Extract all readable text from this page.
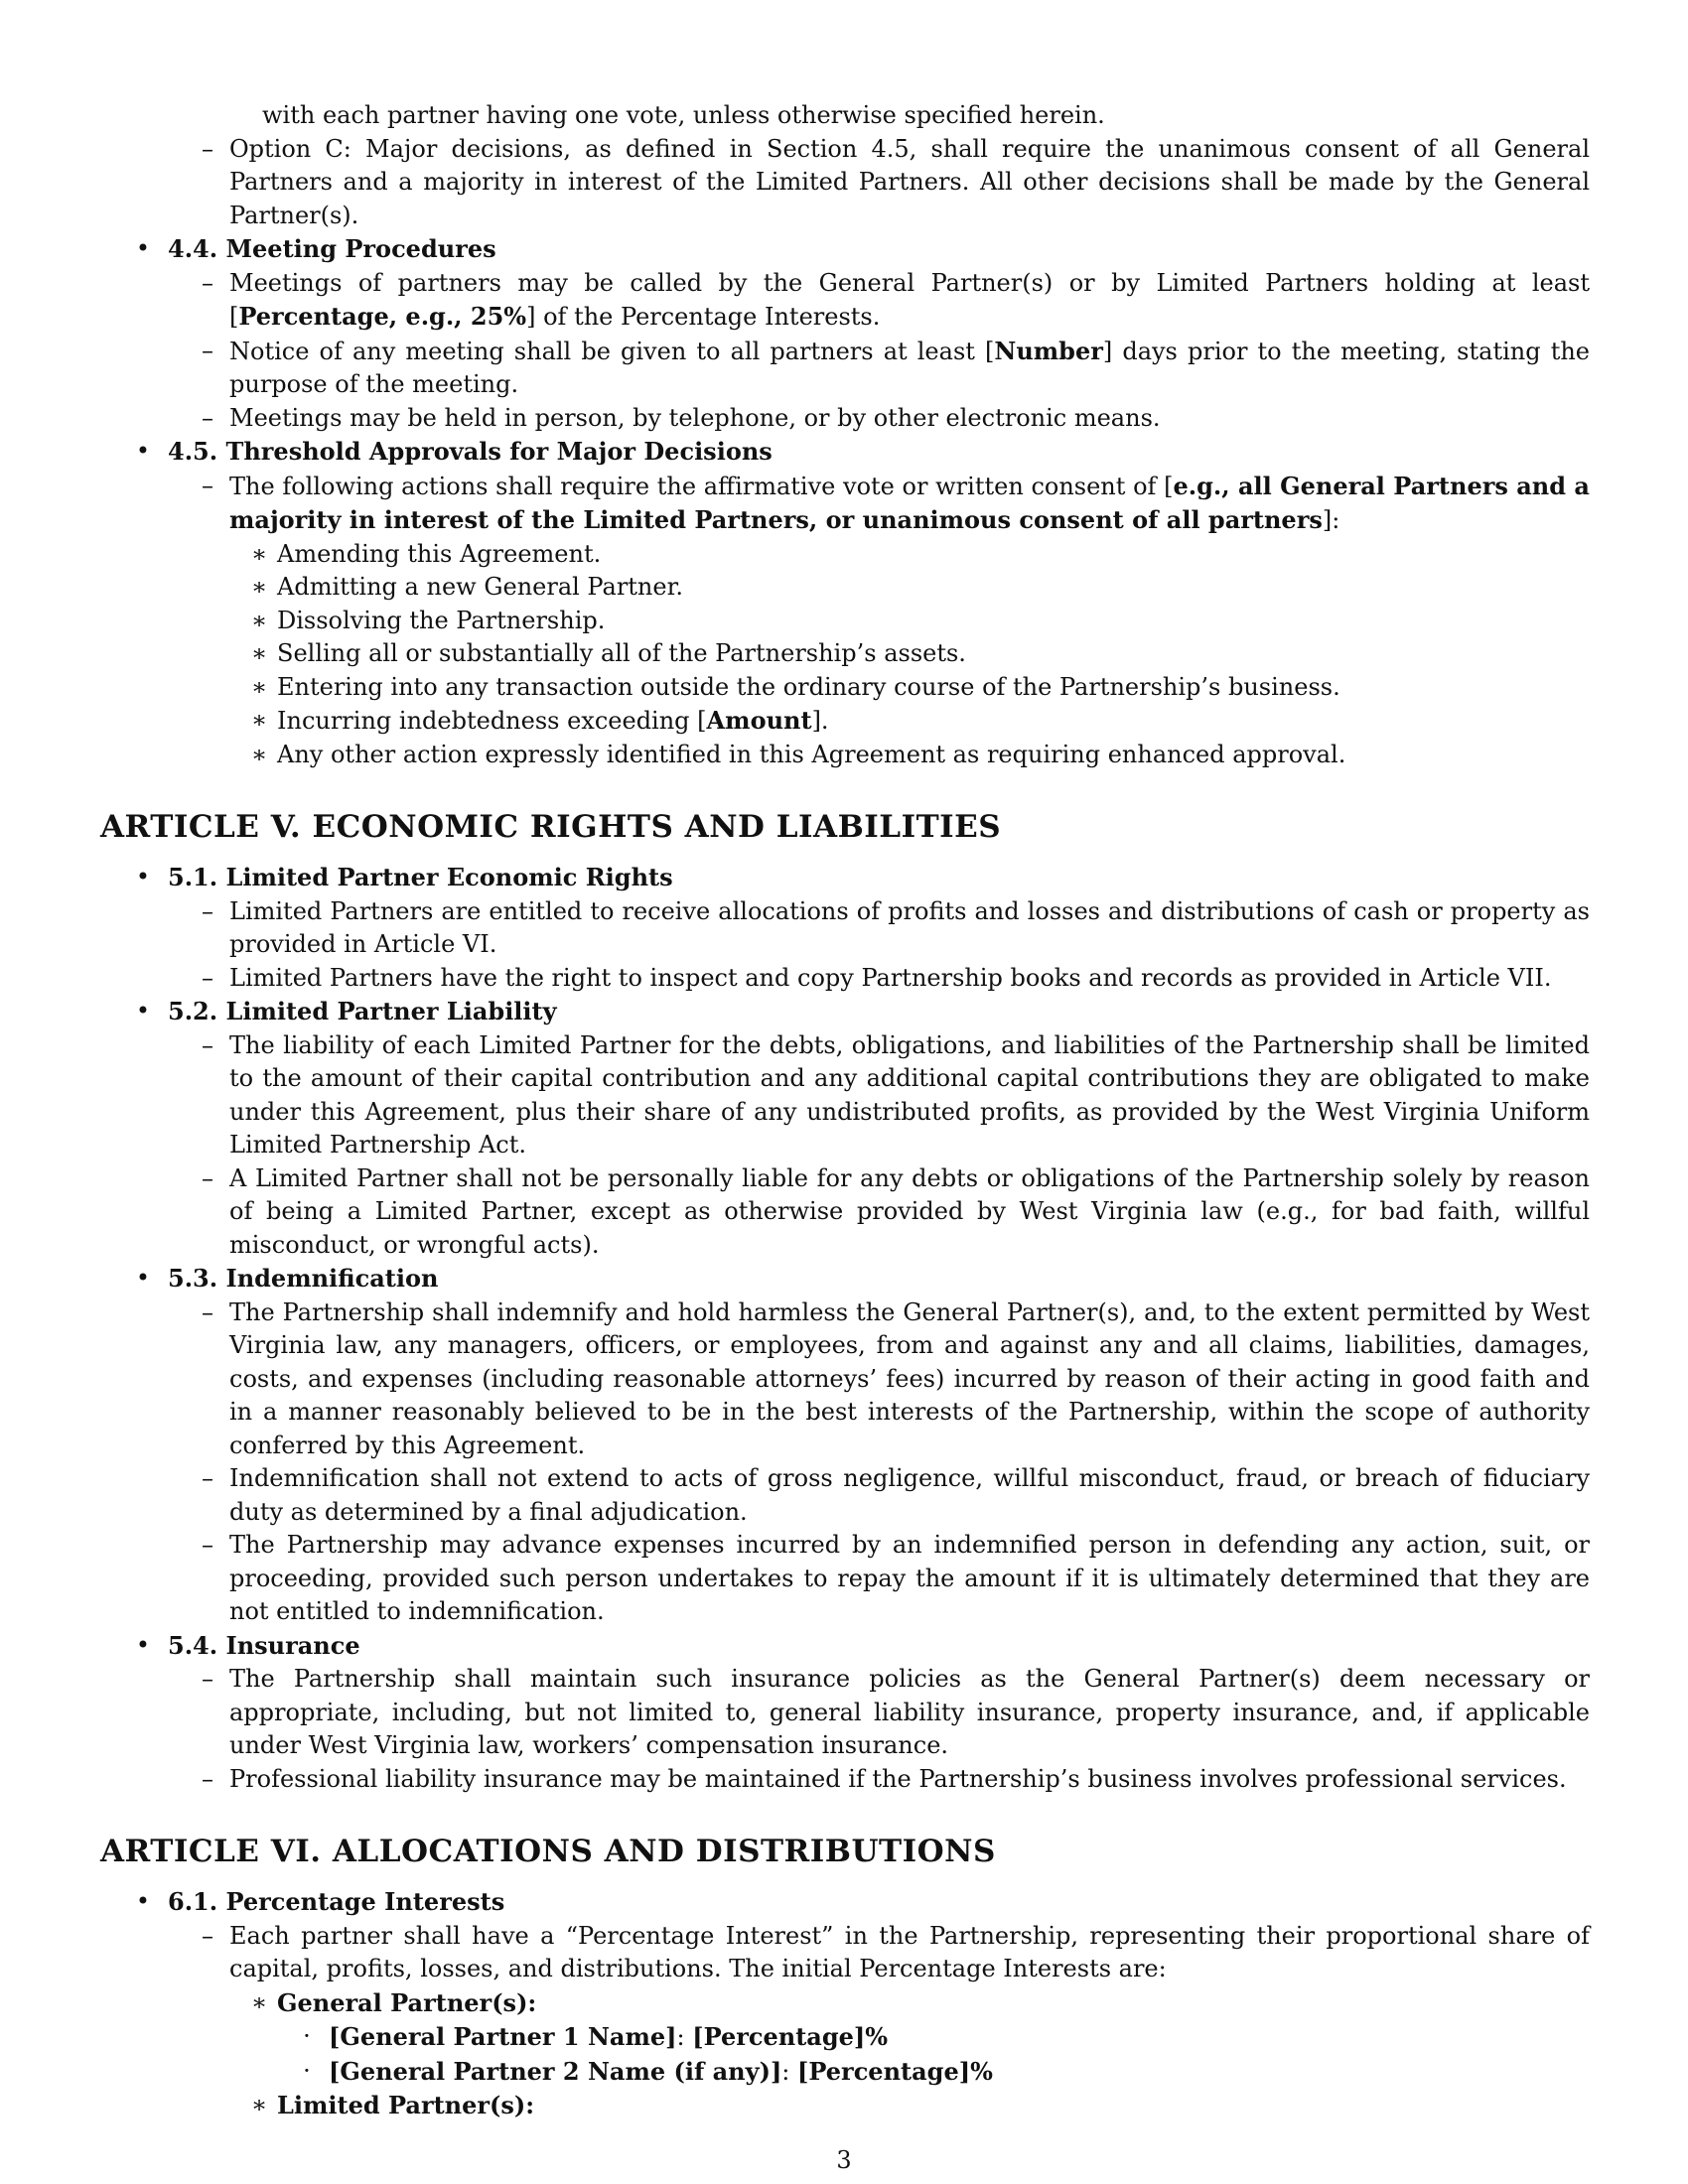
with each partner having one vote, unless otherwise specified herein.
– Option C: Major decisions, as defined in Section 4.5, shall require the unanimous consent of all General Partners and a majority in interest of the Limited Partners. All other decisions shall be made by the General Partner(s).
• 4.4. Meeting Procedures
– Meetings of partners may be called by the General Partner(s) or by Limited Partners holding at least [Percentage, e.g., 25%] of the Percentage Interests.
– Notice of any meeting shall be given to all partners at least [Number] days prior to the meeting, stating the purpose of the meeting.
– Meetings may be held in person, by telephone, or by other electronic means.
• 4.5. Threshold Approvals for Major Decisions
– The following actions shall require the affirmative vote or written consent of [e.g., all General Partners and a majority in interest of the Limited Partners, or unanimous consent of all partners]:
∗ Amending this Agreement.
∗ Admitting a new General Partner.
∗ Dissolving the Partnership.
∗ Selling all or substantially all of the Partnership’s assets.
∗ Entering into any transaction outside the ordinary course of the Partnership’s business.
∗ Incurring indebtedness exceeding [Amount].
∗ Any other action expressly identified in this Agreement as requiring enhanced approval.
ARTICLE V. ECONOMIC RIGHTS AND LIABILITIES
• 5.1. Limited Partner Economic Rights
– Limited Partners are entitled to receive allocations of profits and losses and distributions of cash or property as provided in Article VI.
– Limited Partners have the right to inspect and copy Partnership books and records as provided in Article VII.
• 5.2. Limited Partner Liability
– The liability of each Limited Partner for the debts, obligations, and liabilities of the Partnership shall be limited to the amount of their capital contribution and any additional capital contributions they are obligated to make under this Agreement, plus their share of any undistributed profits, as provided by the West Virginia Uniform Limited Partnership Act.
– A Limited Partner shall not be personally liable for any debts or obligations of the Partnership solely by reason of being a Limited Partner, except as otherwise provided by West Virginia law (e.g., for bad faith, willful misconduct, or wrongful acts).
• 5.3. Indemnification
– The Partnership shall indemnify and hold harmless the General Partner(s), and, to the extent permitted by West Virginia law, any managers, officers, or employees, from and against any and all claims, liabilities, damages, costs, and expenses (including reasonable attorneys’ fees) incurred by reason of their acting in good faith and in a manner reasonably believed to be in the best interests of the Partnership, within the scope of authority conferred by this Agreement.
– Indemnification shall not extend to acts of gross negligence, willful misconduct, fraud, or breach of fiduciary duty as determined by a final adjudication.
– The Partnership may advance expenses incurred by an indemnified person in defending any action, suit, or proceeding, provided such person undertakes to repay the amount if it is ultimately determined that they are not entitled to indemnification.
• 5.4. Insurance
– The Partnership shall maintain such insurance policies as the General Partner(s) deem necessary or appropriate, including, but not limited to, general liability insurance, property insurance, and, if applicable under West Virginia law, workers’ compensation insurance.
– Professional liability insurance may be maintained if the Partnership’s business involves professional services.
ARTICLE VI. ALLOCATIONS AND DISTRIBUTIONS
• 6.1. Percentage Interests
– Each partner shall have a “Percentage Interest” in the Partnership, representing their proportional share of capital, profits, losses, and distributions. The initial Percentage Interests are:
∗ General Partner(s):
· [General Partner 1 Name]: [Percentage]%
· [General Partner 2 Name (if any)]: [Percentage]%
∗ Limited Partner(s):
3
